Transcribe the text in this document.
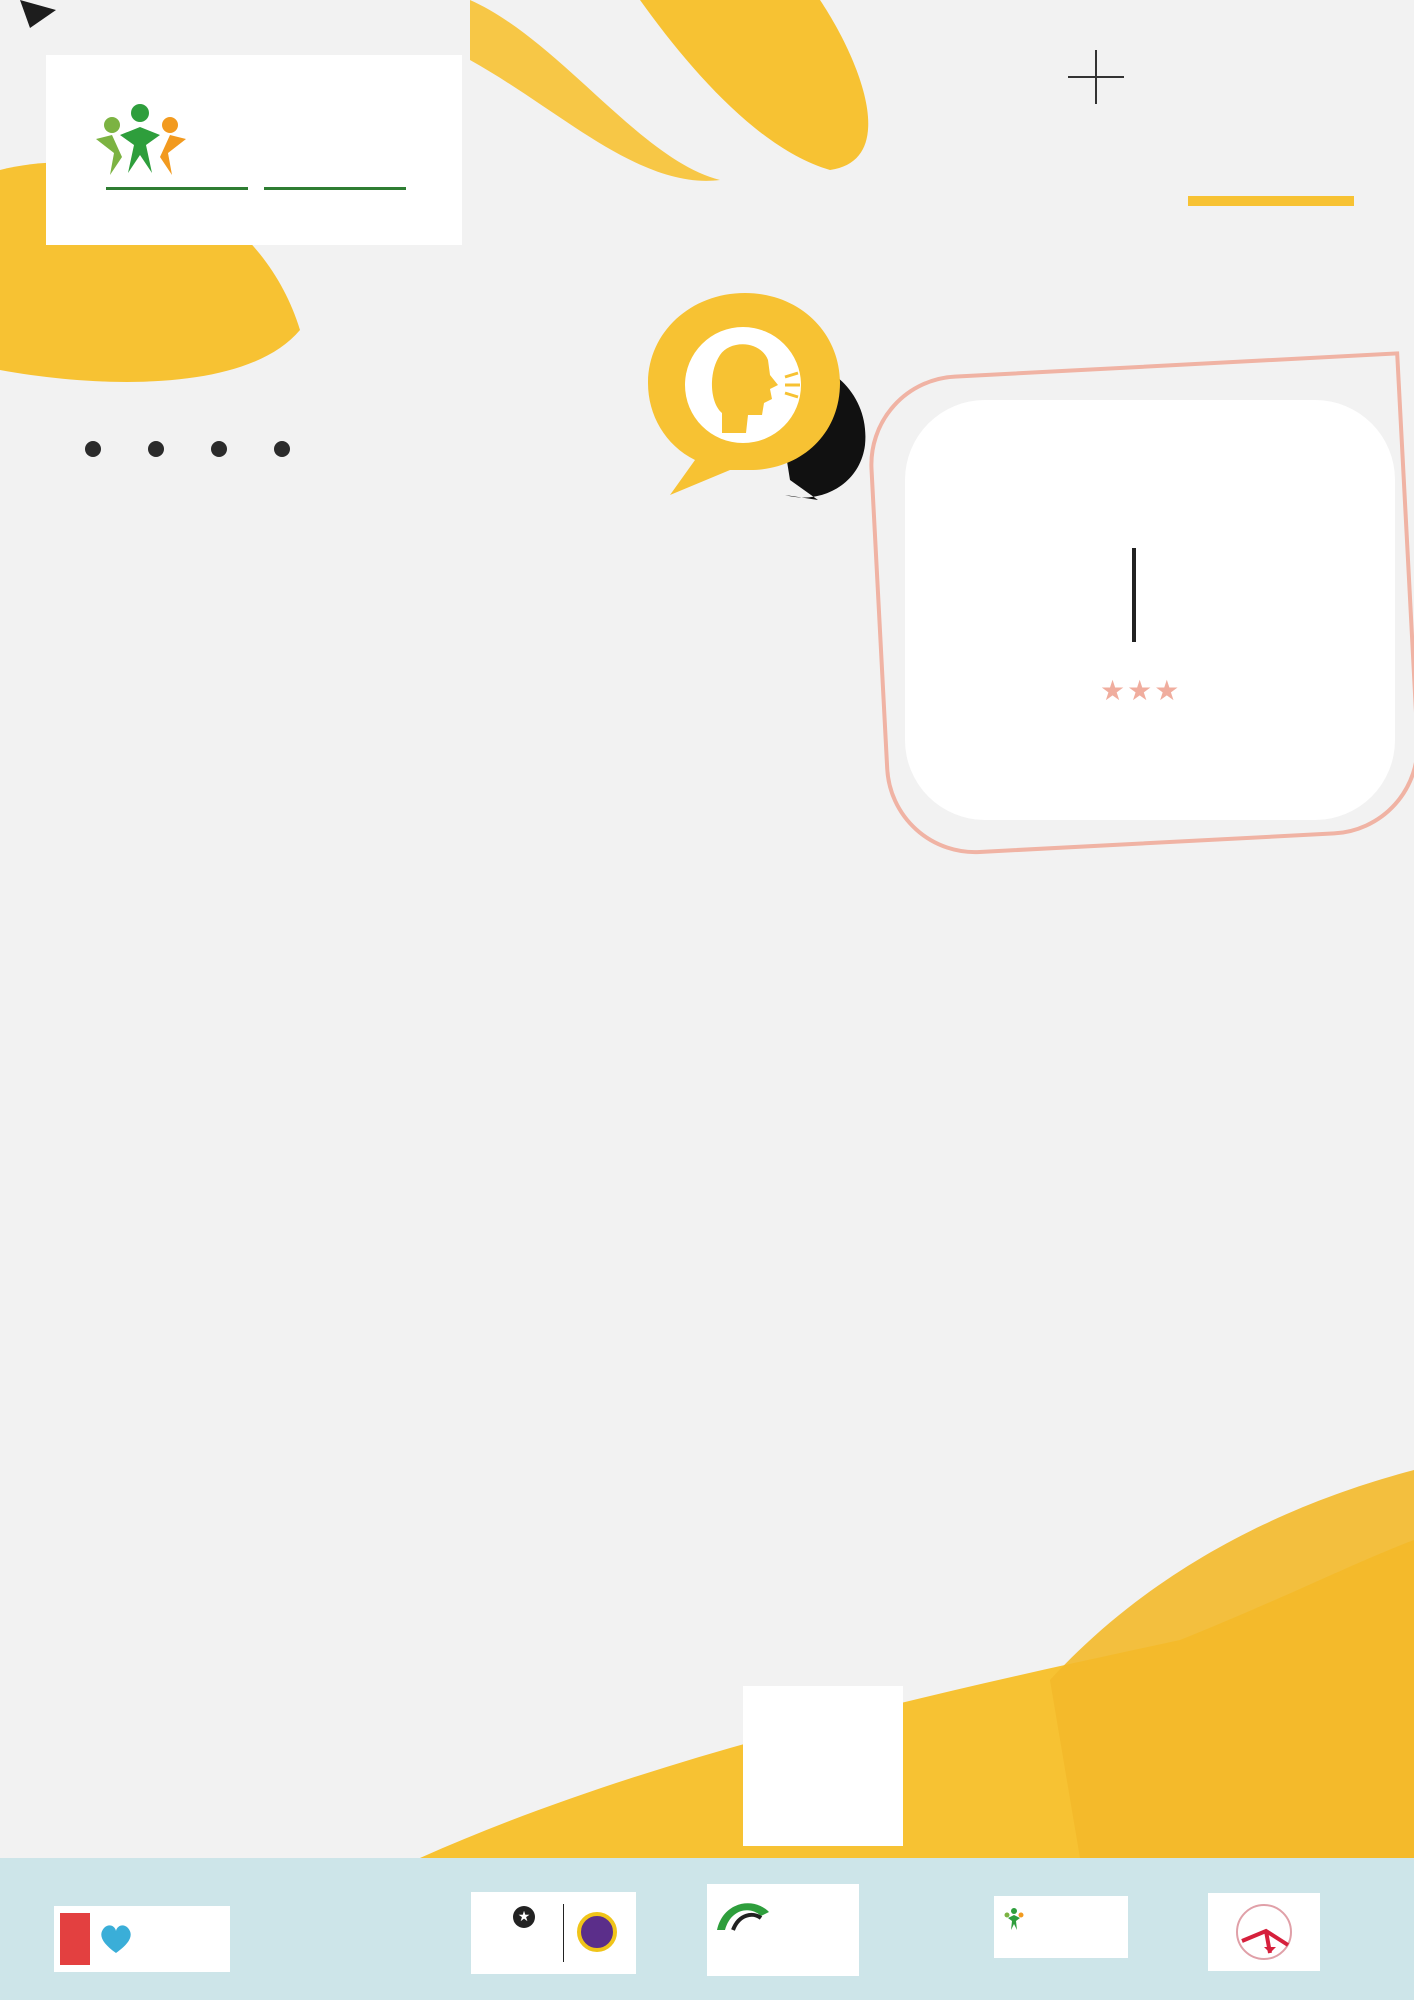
★★★
★
